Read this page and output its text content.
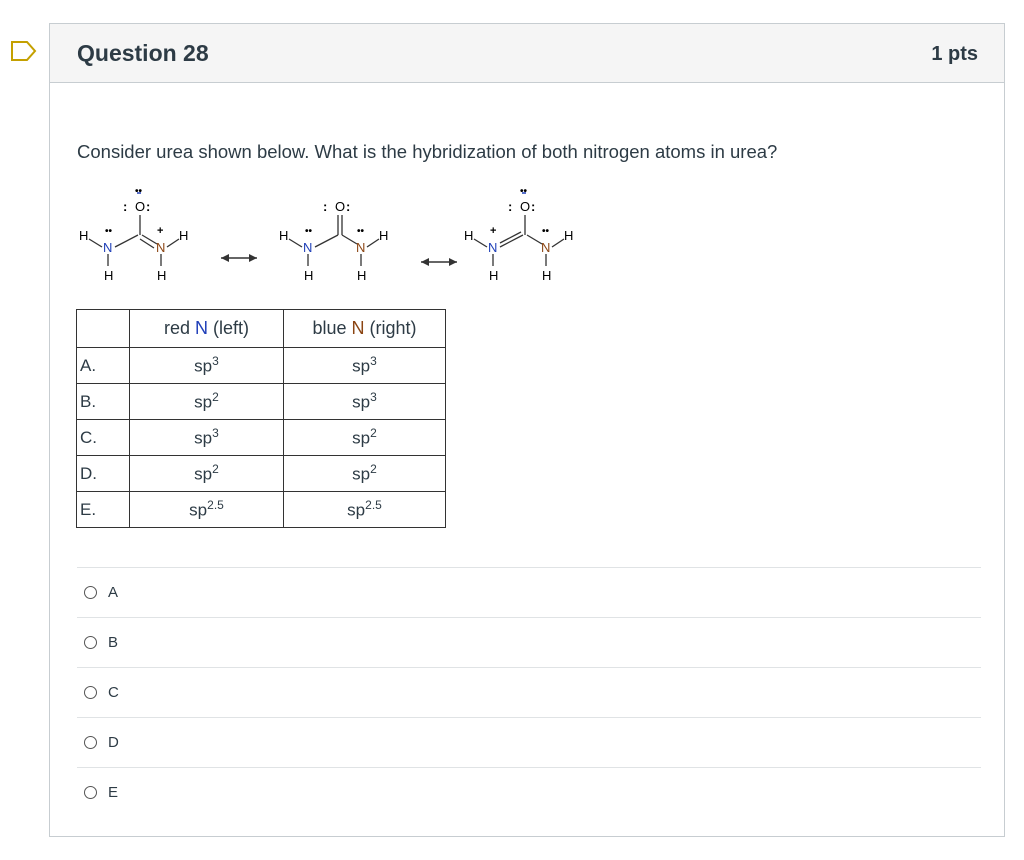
Question 28	1 pts
Consider urea shown below. What is the hybridization of both nitrogen atoms in urea?
O
: :
••
H
N
••
N
+ H
H	H
O
: :
H
N
••
N
•• H
H	H
O
: :
••
H
N
+
N
•• H
H	H
	red N (left)	blue N (right)
A.	$sp^3$	$sp^3$
B.	$sp^2$	$sp^3$
C.	$sp^3$	$sp^2$
D.	$sp^2$	$sp^2$
E.	$sp^{2.5}$	$sp^{2.5}$
A
B
C
D
E
